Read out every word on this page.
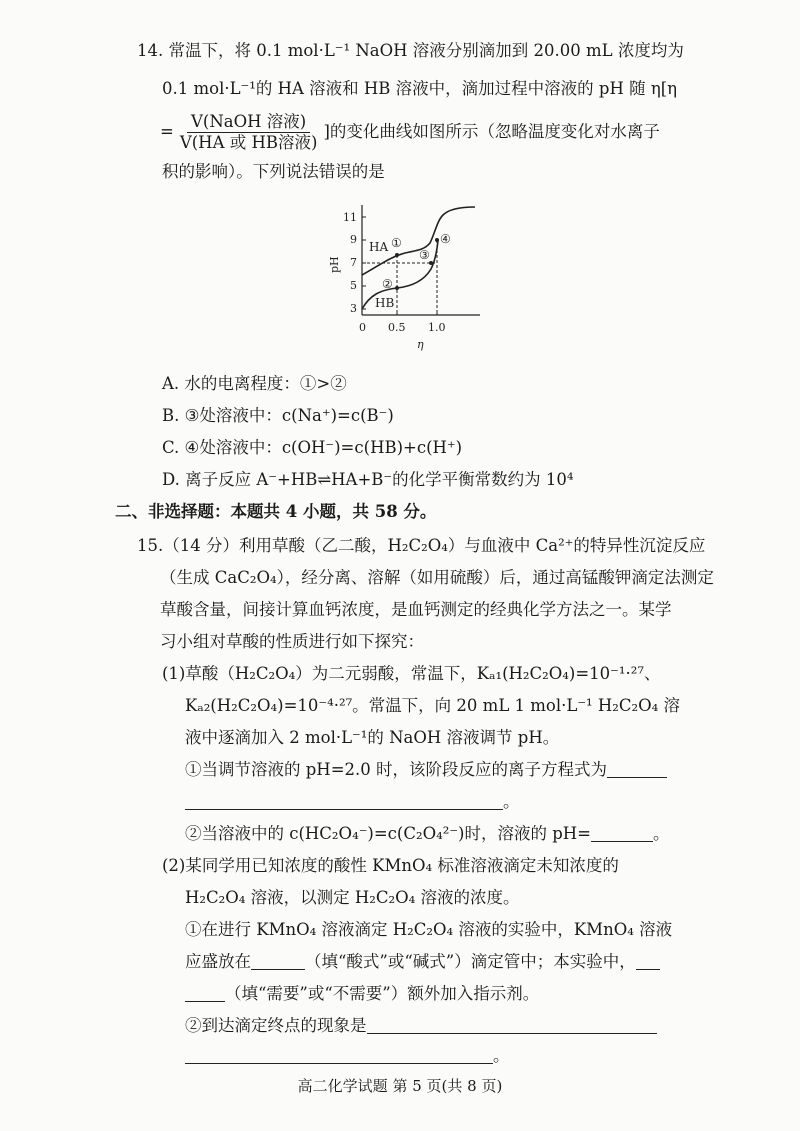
14. 常温下，将 0.1 mol·L⁻¹ NaOH 溶液分别滴加到 20.00 mL 浓度均为
0.1 mol·L⁻¹的 HA 溶液和 HB 溶液中，滴加过程中溶液的 pH 随 η[η
= $\frac{\text{V(NaOH 溶液)}}{\text{V(HA 或 HB溶液)}}$ ]的变化曲线如图所示（忽略温度变化对水离子
积的影响）。下列说法错误的是
11
9
7
5
3
0 0.5 1.0
η
pH
HA
HB
①
②
③
④
A. 水的电离程度：①>②
B. ③处溶液中：c(Na⁺)=c(B⁻)
C. ④处溶液中：c(OH⁻)=c(HB)+c(H⁺)
D. 离子反应 A⁻+HB⇌HA+B⁻的化学平衡常数约为 10⁴
二、非选择题：本题共 4 小题，共 58 分。
15.（14 分）利用草酸（乙二酸，H₂C₂O₄）与血液中 Ca²⁺的特异性沉淀反应
（生成 CaC₂O₄），经分离、溶解（如用硫酸）后，通过高锰酸钾滴定法测定
草酸含量，间接计算血钙浓度，是血钙测定的经典化学方法之一。某学
习小组对草酸的性质进行如下探究：
(1)草酸（H₂C₂O₄）为二元弱酸，常温下，Kₐ₁(H₂C₂O₄)=10⁻¹·²⁷、
Kₐ₂(H₂C₂O₄)=10⁻⁴·²⁷。常温下，向 20 mL 1 mol·L⁻¹ H₂C₂O₄ 溶
液中逐滴加入 2 mol·L⁻¹的 NaOH 溶液调节 pH。
①当调节溶液的 pH=2.0 时，该阶段反应的离子方程式为
。
②当溶液中的 c(HC₂O₄⁻)=c(C₂O₄²⁻)时，溶液的 pH=	。
(2)某同学用已知浓度的酸性 KMnO₄ 标准溶液滴定未知浓度的
H₂C₂O₄ 溶液，以测定 H₂C₂O₄ 溶液的浓度。
①在进行 KMnO₄ 溶液滴定 H₂C₂O₄ 溶液的实验中，KMnO₄ 溶液
应盛放在	（填“酸式”或“碱式”）滴定管中；本实验中，
（填“需要”或“不需要”）额外加入指示剂。
②到达滴定终点的现象是
。
高二化学试题 第 5 页(共 8 页)
